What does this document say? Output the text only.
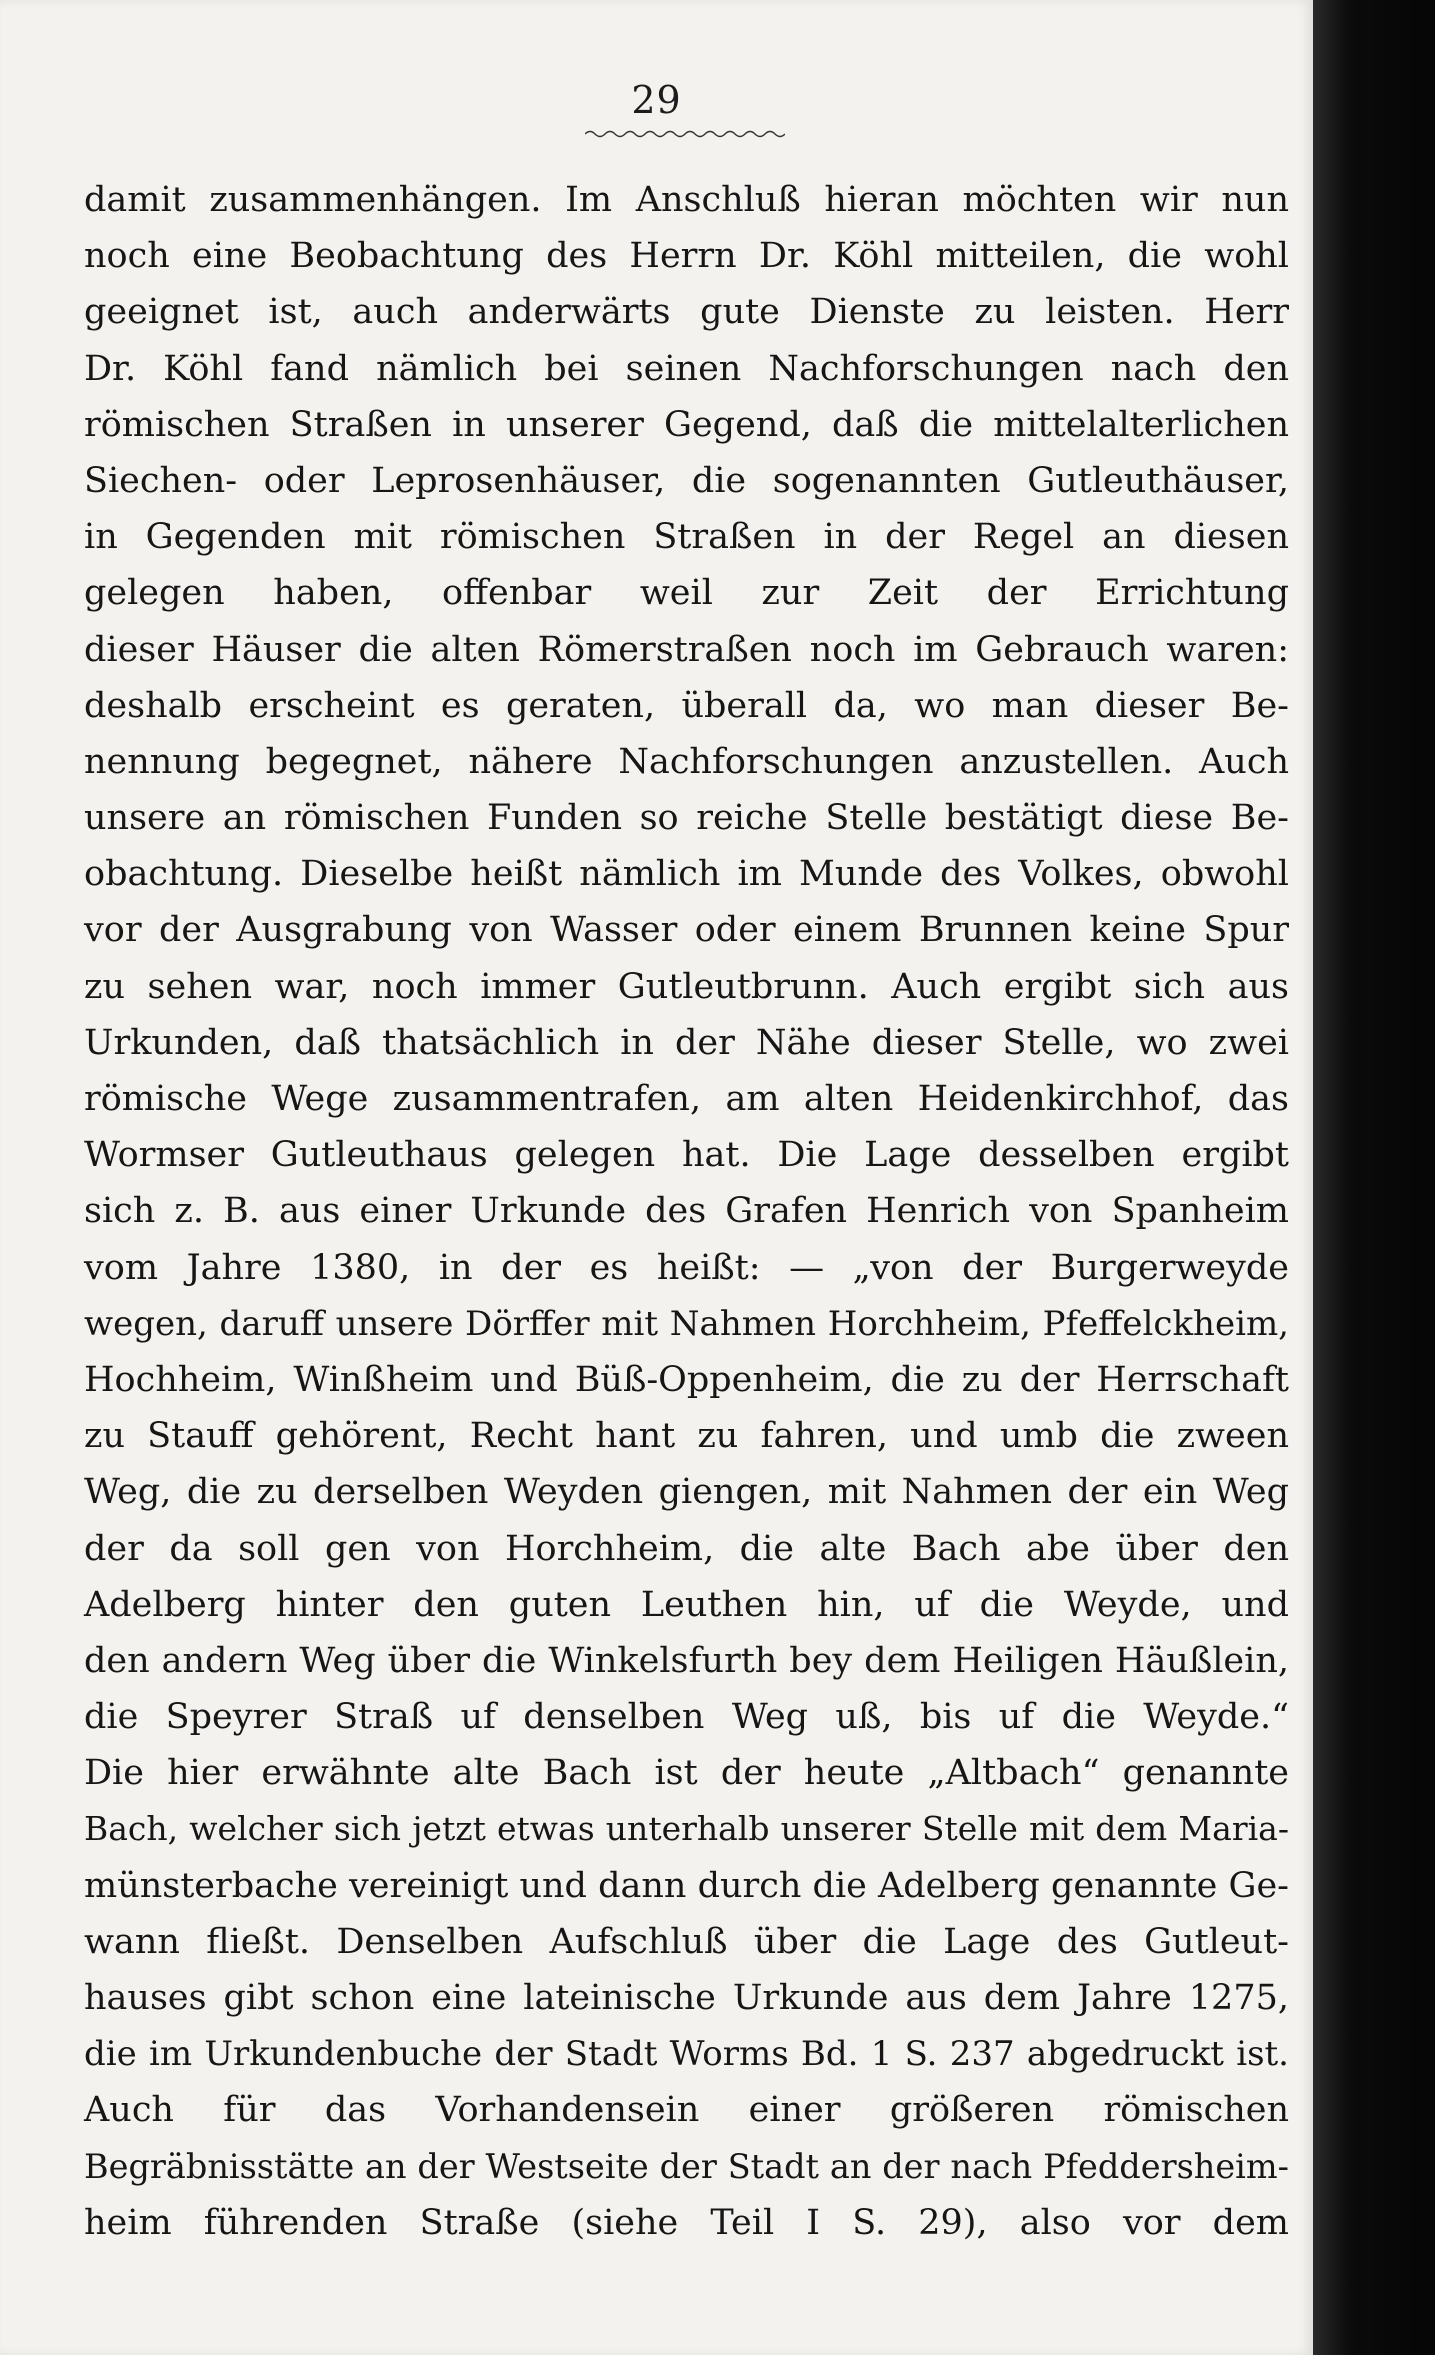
29
damit zusammenhängen. Im Anschluß hieran möchten wir nun
noch eine Beobachtung des Herrn Dr. Köhl mitteilen, die wohl
geeignet ist, auch anderwärts gute Dienste zu leisten. Herr
Dr. Köhl fand nämlich bei seinen Nachforschungen nach den
römischen Straßen in unserer Gegend, daß die mittelalterlichen
Siechen- oder Leprosenhäuser, die sogenannten Gutleuthäuser,
in Gegenden mit römischen Straßen in der Regel an diesen
gelegen haben, offenbar weil zur Zeit der Errichtung
dieser Häuser die alten Römerstraßen noch im Gebrauch waren:
deshalb erscheint es geraten, überall da, wo man dieser Be-
nennung begegnet, nähere Nachforschungen anzustellen. Auch
unsere an römischen Funden so reiche Stelle bestätigt diese Be-
obachtung. Dieselbe heißt nämlich im Munde des Volkes, obwohl
vor der Ausgrabung von Wasser oder einem Brunnen keine Spur
zu sehen war, noch immer Gutleutbrunn. Auch ergibt sich aus
Urkunden, daß thatsächlich in der Nähe dieser Stelle, wo zwei
römische Wege zusammentrafen, am alten Heidenkirchhof, das
Wormser Gutleuthaus gelegen hat. Die Lage desselben ergibt
sich z. B. aus einer Urkunde des Grafen Henrich von Spanheim
vom Jahre 1380, in der es heißt: — „von der Burgerweyde
wegen, daruff unsere Dörffer mit Nahmen Horchheim, Pfeffelckheim,
Hochheim, Winßheim und Büß-Oppenheim, die zu der Herrschaft
zu Stauff gehörent, Recht hant zu fahren, und umb die zween
Weg, die zu derselben Weyden giengen, mit Nahmen der ein Weg
der da soll gen von Horchheim, die alte Bach abe über den
Adelberg hinter den guten Leuthen hin, uf die Weyde, und
den andern Weg über die Winkelsfurth bey dem Heiligen Häußlein,
die Speyrer Straß uf denselben Weg uß, bis uf die Weyde.“
Die hier erwähnte alte Bach ist der heute „Altbach“ genannte
Bach, welcher sich jetzt etwas unterhalb unserer Stelle mit dem Maria-
münsterbache vereinigt und dann durch die Adelberg genannte Ge-
wann fließt. Denselben Aufschluß über die Lage des Gutleut-
hauses gibt schon eine lateinische Urkunde aus dem Jahre 1275,
die im Urkundenbuche der Stadt Worms Bd. 1 S. 237 abgedruckt ist.
Auch für das Vorhandensein einer größeren römischen
Begräbnisstätte an der Westseite der Stadt an der nach Pfeddersheim-
heim führenden Straße (siehe Teil I S. 29), also vor dem
